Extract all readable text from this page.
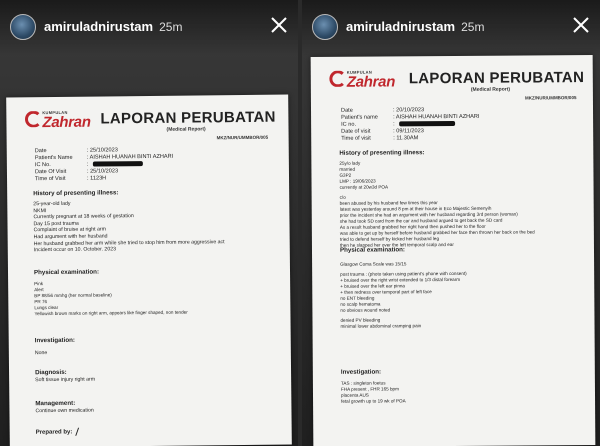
amiruladnirustam 25m
KUMPULAN
Zahran LAPORAN PERUBATAN
(Medical Report)
MKZ/NUR/UMMBOR/005
Date	: 25/10/2023
Patient's Name	: AISHAH HUANAH BINTI AZHARI
IC No.	:
Date Of Visit	: 25/10/2023
Time of Visit	: 1123H
History of presenting illness:
25-year-old lady
NKMI
Currently pregnant at 18 weeks of gestation
Day 15 post trauma
Complaint of bruise at right arm
Had argument with her husband
Her husband grabbed her arm while she tried to stop him from more aggressive act
Incident occur on 10. October. 2023
Physical examination:
Pink
Alert
BP 88/56 mmhg (her normal baseline)
PR 76
Lungs clear
Yellowish brown marks on right arm, appears like finger shaped, non tender
Investigation:
None
Diagnosis:
Soft tissue injury right arm
Management:
Continue own medication
Prepared by:
amiruladnirustam 25m
KUMPULAN
Zahran LAPORAN PERUBATAN
(Medical Report)
MKZ/NUR/UMMBOR/005
Date	: 20/10/2023
Patient's name	: AISHAH HUANAH BINTI AZHARI
IC no.	:
Date of visit	: 09/11/2023
Time of visit	: 11.30AM
History of presenting illness:
25y/o lady
married
G3P2
LMP : 19/06/2023
currently at 20w3d POA
c/o
been abused by his husband few times this year
latest was yesterday around 8 pm at their house in Eco Majestic Semenyih
prior the incident she had an argument with her husband regarding 3rd person (woman)
she had took SD card from the car and husband argued to get back the SD card
As a result husband grabbed her right hand then pushed her to the floor
was able to get up by herself before husband grabbed her face then thrown her back on the bed
tried to defend herself by kicked her husband leg
then he slapped her over the left temporal scalp and ear
Physical examination:
Glasgow Coma Scale was 15/15
post trauma : (photo taken using patient's phone with consent)
+ bruised over the right wrist extended to 1/3 distal forearm
+ bruised over the left ear pinna
+ then redness over temporal part of left face
no ENT bleeding
no scalp hematoma
no obvious wound noted
denied PV bleeding
minimal lower abdominal cramping pain
Investigation:
TAS : singleton foetus
FHA present , FHR 165 bpm
placenta AUS
fetal growth up to 19 wk of POA
